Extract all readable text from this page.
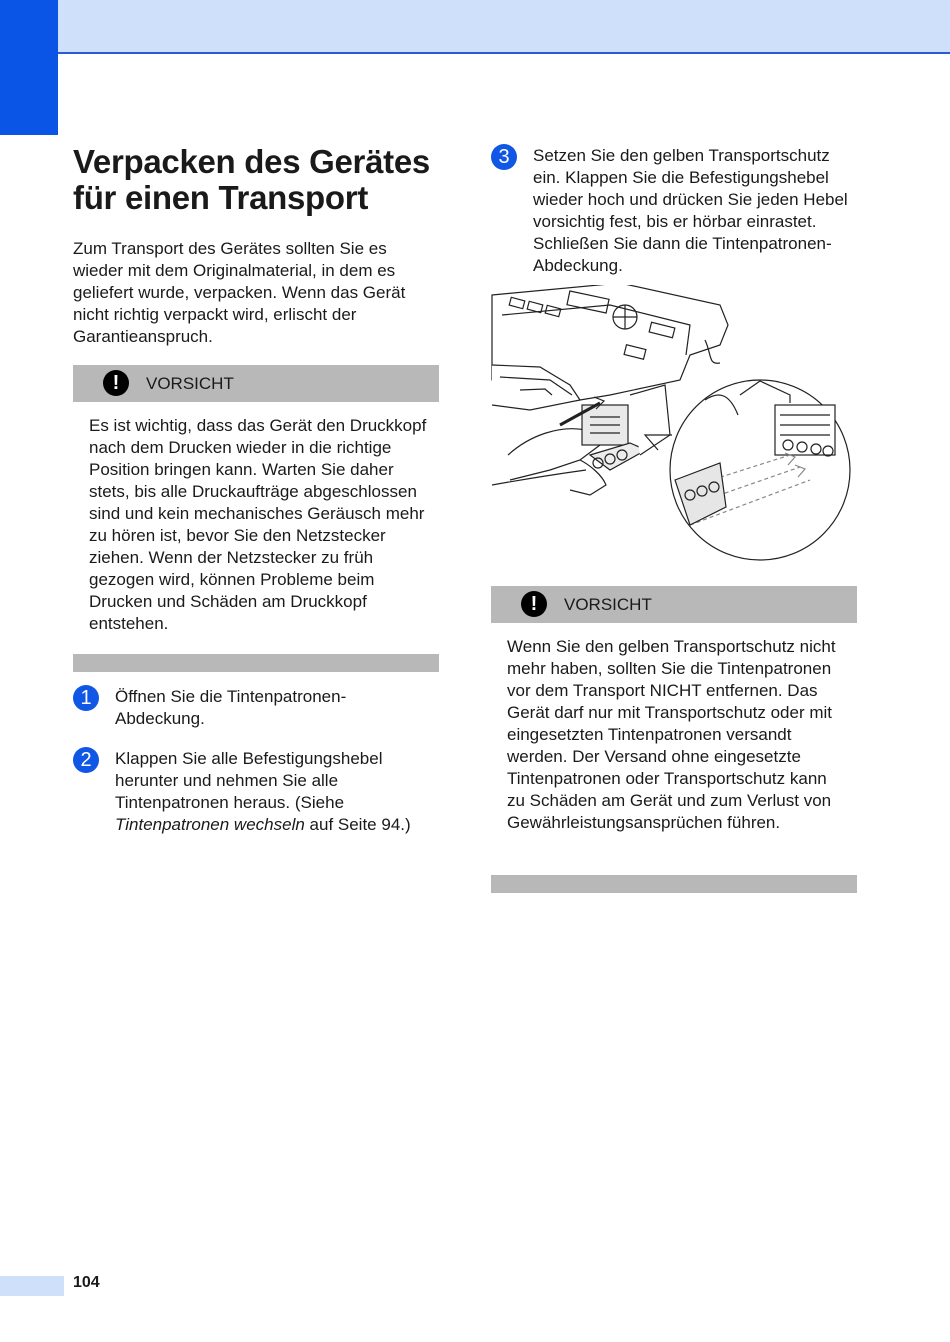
Verpacken des Gerätes
für einen Transport

Zum Transport des Gerätes sollten Sie es wieder mit dem Originalmaterial, in dem es geliefert wurde, verpacken. Wenn das Gerät nicht richtig verpackt wird, erlischt der Garantieanspruch.

!	VORSICHT

Es ist wichtig, dass das Gerät den Druckkopf nach dem Drucken wieder in die richtige Position bringen kann. Warten Sie daher stets, bis alle Druckaufträge abgeschlossen sind und kein mechanisches Geräusch mehr zu hören ist, bevor Sie den Netzstecker ziehen. Wenn der Netzstecker zu früh gezogen wird, können Probleme beim Drucken und Schäden am Druckkopf entstehen.

1	Öffnen Sie die Tintenpatronen-Abdeckung.

2	Klappen Sie alle Befestigungshebel herunter und nehmen Sie alle Tintenpatronen heraus. (Siehe Tintenpatronen wechseln auf Seite 94.)

3	Setzen Sie den gelben Transportschutz ein. Klappen Sie die Befestigungshebel wieder hoch und drücken Sie jeden Hebel vorsichtig fest, bis er hörbar einrastet. Schließen Sie dann die Tintenpatronen-Abdeckung.

!	VORSICHT

Wenn Sie den gelben Transportschutz nicht mehr haben, sollten Sie die Tintenpatronen vor dem Transport NICHT entfernen. Das Gerät darf nur mit Transportschutz oder mit eingesetzten Tintenpatronen versandt werden. Der Versand ohne eingesetzte Tintenpatronen oder Transportschutz kann zu Schäden am Gerät und zum Verlust von Gewährleistungsansprüchen führen.

104
